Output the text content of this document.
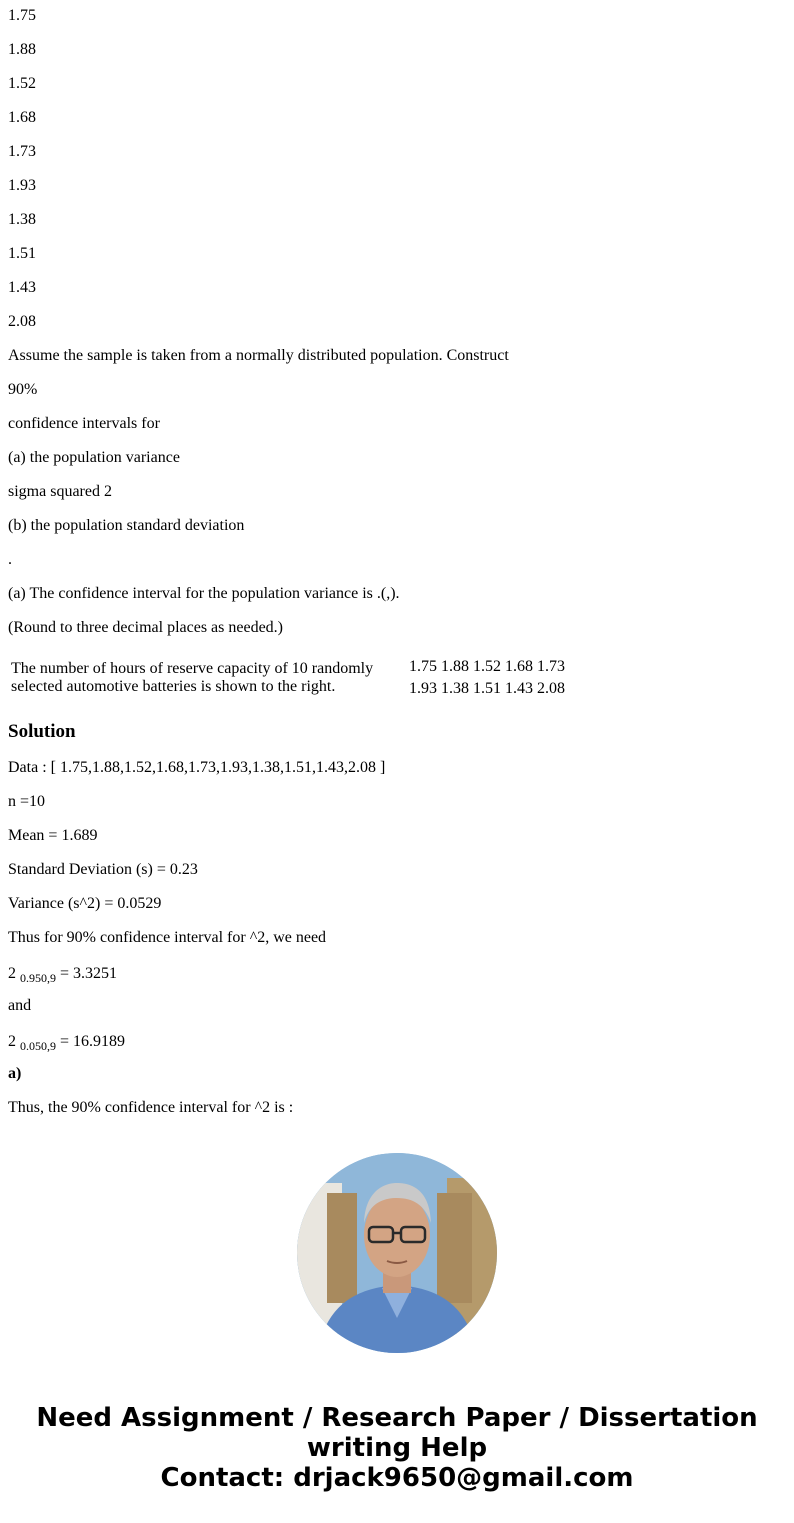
1.75

1.88

1.52

1.68

1.73

1.93

1.38

1.51

1.43

2.08

Assume the sample is taken from a normally distributed population. Construct

90%

confidence intervals for

(a) the population variance

sigma squared 2

(b) the population standard deviation

.

(a) The confidence interval for the population variance is .(,).

(Round to three decimal places as needed.)

The number of hours of reserve capacity of 10 randomly selected automotive batteries is shown to the right.	
1.75 1.88 1.52 1.68 1.73
1.93 1.38 1.51 1.43 2.08
Solution

Data : [ 1.75,1.88,1.52,1.68,1.73,1.93,1.38,1.51,1.43,2.08 ]

n =10

Mean = 1.689

Standard Deviation (s) = 0.23

Variance (s^2) = 0.0529

Thus for 90% confidence interval for ^2, we need

2 $_{0.950,9}$ = 3.3251

and

2 $_{0.050,9}$ = 16.9189

a)

Thus, the 90% confidence interval for ^2 is :

Need Assignment / Research Paper / Dissertation
writing Help
Contact: drjack9650@gmail.com
